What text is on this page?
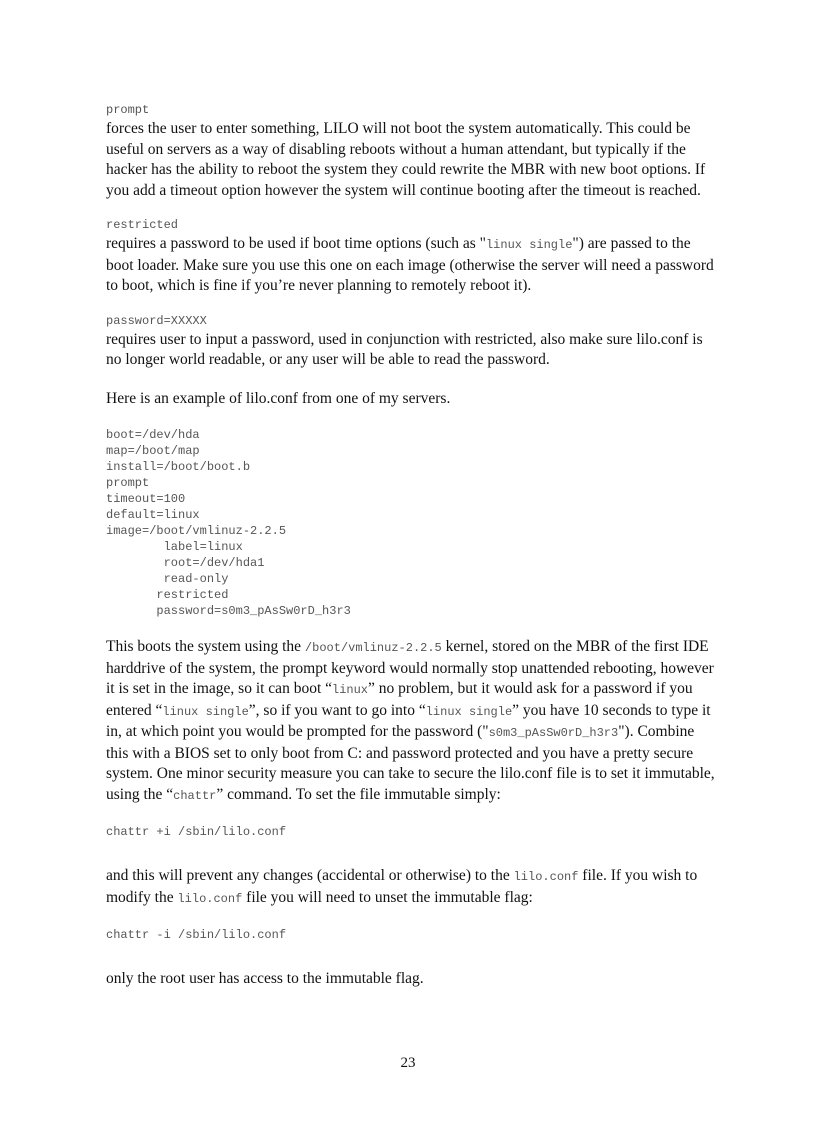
prompt

forces the user to enter something, LILO will not boot the system automatically. This could be useful on servers as a way of disabling reboots without a human attendant, but typically if the hacker has the ability to reboot the system they could rewrite the MBR with new boot options. If you add a timeout option however the system will continue booting after the timeout is reached.

restricted

requires a password to be used if boot time options (such as "linux single") are passed to the boot loader. Make sure you use this one on each image (otherwise the server will need a password to boot, which is fine if you’re never planning to remotely reboot it).

password=XXXXX

requires user to input a password, used in conjunction with restricted, also make sure lilo.conf is no longer world readable, or any user will be able to read the password.

Here is an example of lilo.conf from one of my servers.

boot=/dev/hda
map=/boot/map
install=/boot/boot.b
prompt
timeout=100
default=linux
image=/boot/vmlinuz-2.2.5
label=linux
root=/dev/hda1
read-only
restricted
password=s0m3_pAsSw0rD_h3r3

This boots the system using the /boot/vmlinuz-2.2.5 kernel, stored on the MBR of the first IDE harddrive of the system, the prompt keyword would normally stop unattended rebooting, however it is set in the image, so it can boot “linux” no problem, but it would ask for a password if you entered “linux single”, so if you want to go into “linux single” you have 10 seconds to type it in, at which point you would be prompted for the password ("s0m3_pAsSw0rD_h3r3"). Combine this with a BIOS set to only boot from C: and password protected and you have a pretty secure system. One minor security measure you can take to secure the lilo.conf file is to set it immutable, using the “chattr” command. To set the file immutable simply:

chattr +i /sbin/lilo.conf

and this will prevent any changes (accidental or otherwise) to the lilo.conf file. If you wish to modify the lilo.conf file you will need to unset the immutable flag:

chattr -i /sbin/lilo.conf

only the root user has access to the immutable flag.

23
